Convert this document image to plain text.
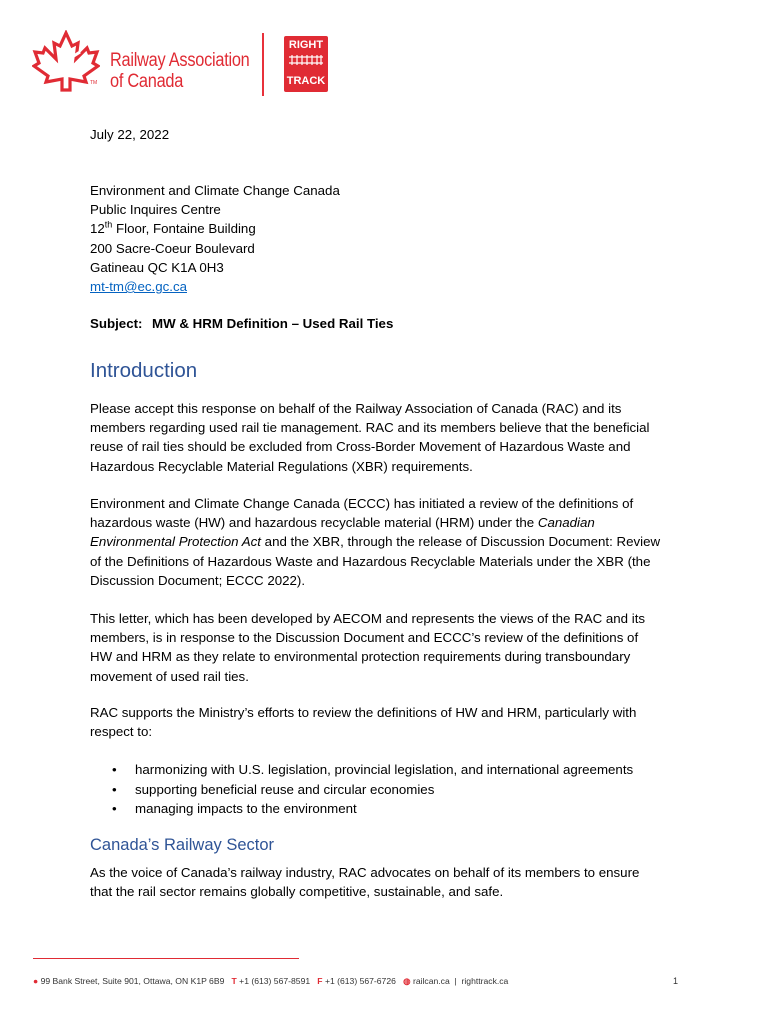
TM
Railway Association
of Canada
RIGHT
TRACK
July 22, 2022
Environment and Climate Change Canada
Public Inquires Centre
12th Floor, Fontaine Building
200 Sacre-Coeur Boulevard
Gatineau QC K1A 0H3
mt-tm@ec.gc.ca
Subject: MW & HRM Definition – Used Rail Ties
Introduction
Please accept this response on behalf of the Railway Association of Canada (RAC) and its
members regarding used rail tie management. RAC and its members believe that the beneficial
reuse of rail ties should be excluded from Cross-Border Movement of Hazardous Waste and
Hazardous Recyclable Material Regulations (XBR) requirements.
Environment and Climate Change Canada (ECCC) has initiated a review of the definitions of
hazardous waste (HW) and hazardous recyclable material (HRM) under the Canadian
Environmental Protection Act and the XBR, through the release of Discussion Document: Review
of the Definitions of Hazardous Waste and Hazardous Recyclable Materials under the XBR (the
Discussion Document; ECCC 2022).
This letter, which has been developed by AECOM and represents the views of the RAC and its
members, is in response to the Discussion Document and ECCC’s review of the definitions of
HW and HRM as they relate to environmental protection requirements during transboundary
movement of used rail ties.
RAC supports the Ministry’s efforts to review the definitions of HW and HRM, particularly with
respect to:
• harmonizing with U.S. legislation, provincial legislation, and international agreements
• supporting beneficial reuse and circular economies
• managing impacts to the environment
Canada’s Railway Sector
As the voice of Canada’s railway industry, RAC advocates on behalf of its members to ensure
that the rail sector remains globally competitive, sustainable, and safe.
● 99 Bank Street, Suite 901, Ottawa, ON K1P 6B9 T +1 (613) 567-8591 F +1 (613) 567-6726 ◍ railcan.ca | righttrack.ca	1
